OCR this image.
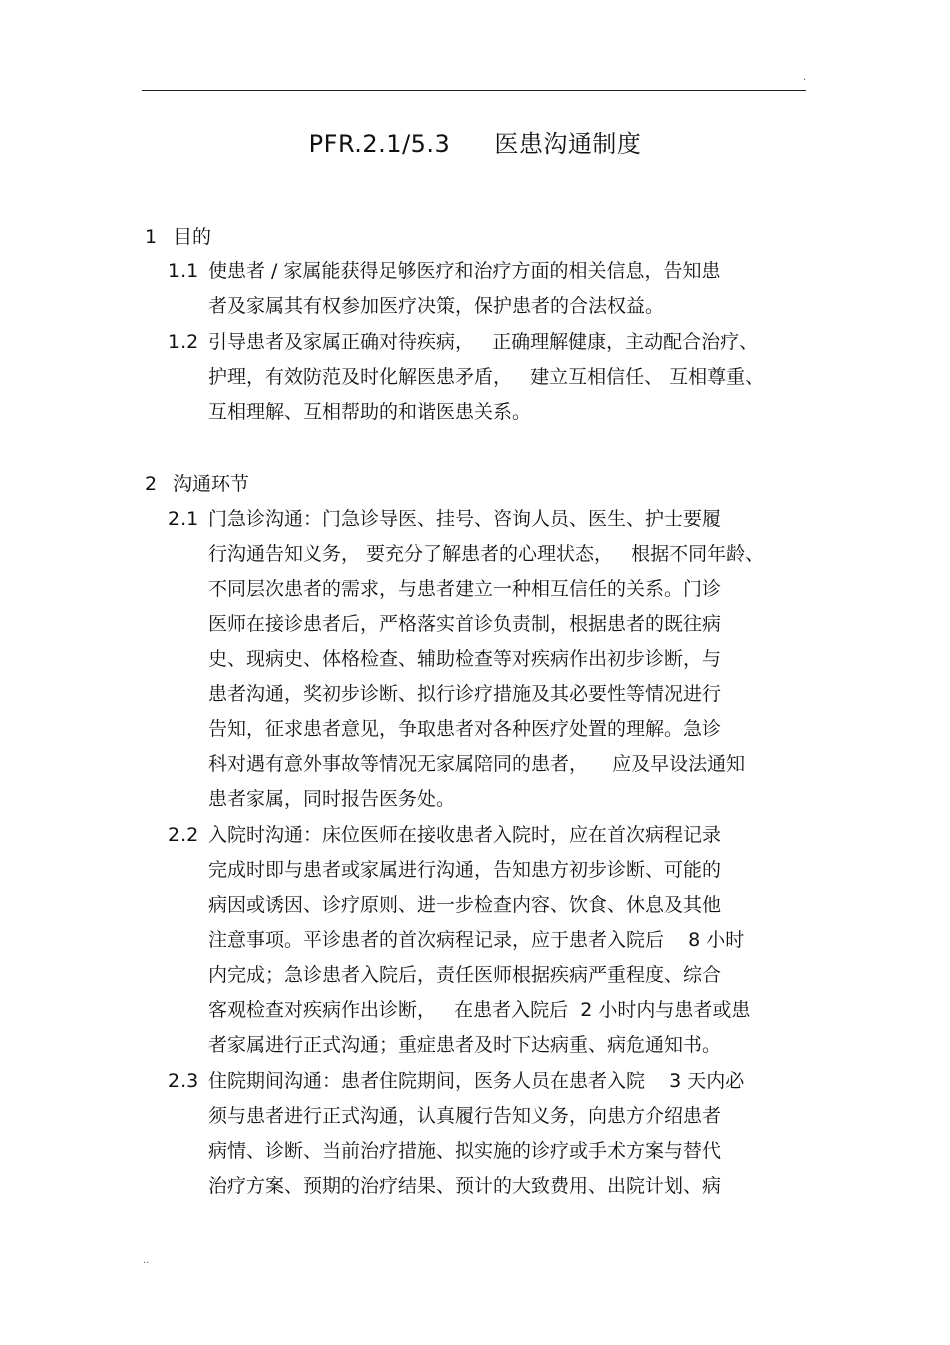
.
PFR.2.1/5.3 医患沟通制度
1 目的
1.1 使患者 / 家属能获得足够医疗和治疗方面的相关信息，告知患
者及家属其有权参加医疗决策，保护患者的合法权益。
1.2 引导患者及家属正确对待疾病，   正确理解健康，主动配合治疗、
护理，有效防范及时化解医患矛盾，   建立互相信任、 互相尊重、
互相理解、互相帮助的和谐医患关系。
2 沟通环节
2.1 门急诊沟通：门急诊导医、挂号、咨询人员、医生、护士要履
行沟通告知义务， 要充分了解患者的心理状态，   根据不同年龄、
不同层次患者的需求，与患者建立一种相互信任的关系。门诊
医师在接诊患者后，严格落实首诊负责制，根据患者的既往病
史、现病史、体格检查、辅助检查等对疾病作出初步诊断，与
患者沟通，奖初步诊断、拟行诊疗措施及其必要性等情况进行
告知，征求患者意见，争取患者对各种医疗处置的理解。急诊
科对遇有意外事故等情况无家属陪同的患者，    应及早设法通知
患者家属，同时报告医务处。
2.2 入院时沟通：床位医师在接收患者入院时，应在首次病程记录
完成时即与患者或家属进行沟通，告知患方初步诊断、可能的
病因或诱因、诊疗原则、进一步检查内容、饮食、休息及其他
注意事项。平诊患者的首次病程记录，应于患者入院后    8 小时
内完成；急诊患者入院后，责任医师根据疾病严重程度、综合
客观检查对疾病作出诊断，   在患者入院后  2 小时内与患者或患
者家属进行正式沟通；重症患者及时下达病重、病危通知书。
2.3 住院期间沟通：患者住院期间，医务人员在患者入院    3 天内必
须与患者进行正式沟通，认真履行告知义务，向患方介绍患者
病情、诊断、当前治疗措施、拟实施的诊疗或手术方案与替代
治疗方案、预期的治疗结果、预计的大致费用、出院计划、病
..
